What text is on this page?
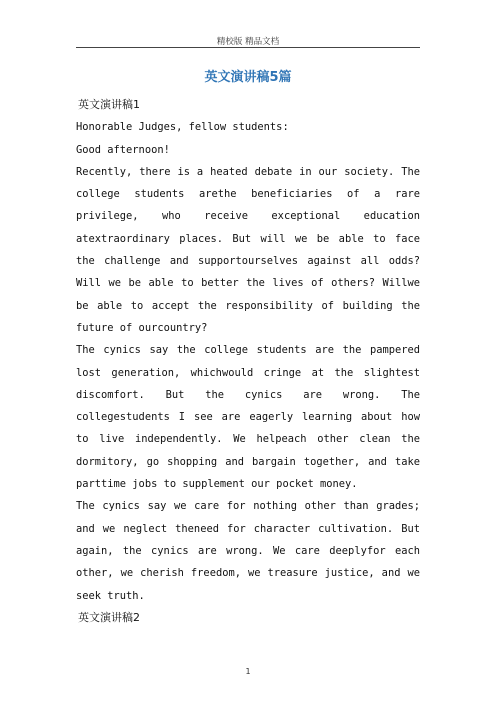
精校版 精品文档
英文演讲稿5篇

英文演讲稿1

Honorable Judges, fellow students:

Good afternoon!

Recently, there is a heated debate in our society. The college students arethe beneficiaries of a rare privilege, who receive exceptional education atextraordinary places. But will we be able to face the challenge and supportourselves against all odds? Will we be able to better the lives of others? Willwe be able to accept the responsibility of building the future of ourcountry?

The cynics say the college students are the pampered lost generation, whichwould cringe at the slightest discomfort. But the cynics are wrong. The collegestudents I see are eagerly learning about how to live independently. We helpeach other clean the dormitory, go shopping and bargain together, and take parttime jobs to supplement our pocket money.

The cynics say we care for nothing other than grades; and we neglect theneed for character cultivation. But again, the cynics are wrong. We care deeplyfor each other, we cherish freedom, we treasure justice, and we seek truth.

英文演讲稿2

1
